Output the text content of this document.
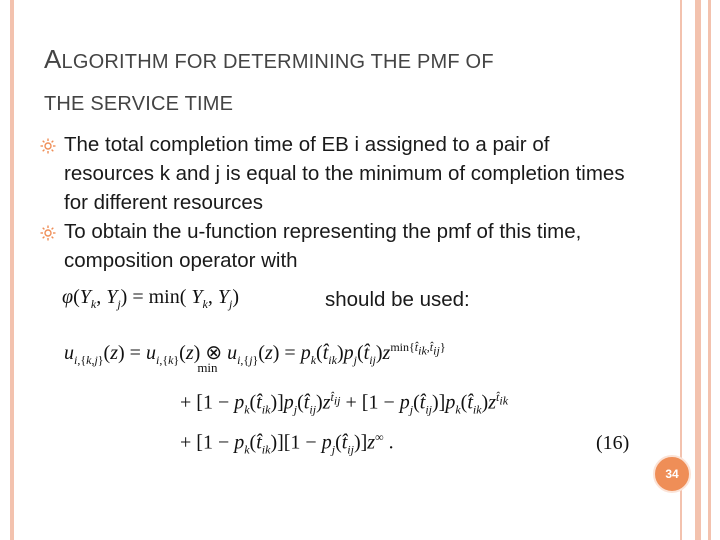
ALGORITHM FOR DETERMINING THE PMF OF
THE SERVICE TIME
The total completion time of EB i assigned to a pair of resources k and j is equal to the minimum of completion times for different resources
To obtain the u-function representing the pmf of this time, composition operator with
$\varphi(Y_k$, $Y_j) = \min$( $Y_k$, $Y_j$)	should be used:
$u_{i,\{k,j\}}(z) = u_{i,\{k\}}(z)$ ⊗
min
$u_{i,\{j\}}(z)$ = $p_k(t̂_{ik})p_j(t̂_{ij})z^{min\{t̂_{ik},t̂_{ij}\}}$
+ $[1 - p_k(t̂_{ik})]p_j(t̂_{ij})z^{t̂_{ij}} + [1$ − $p_j(t̂_{ij})]p_k(t̂_{ik})z^{t̂_{ik}}$
+ $[1 - p_k(t̂_{ik})][1$ − $p_j(t̂_{ij})]z^\infty$ .	(16)
34
